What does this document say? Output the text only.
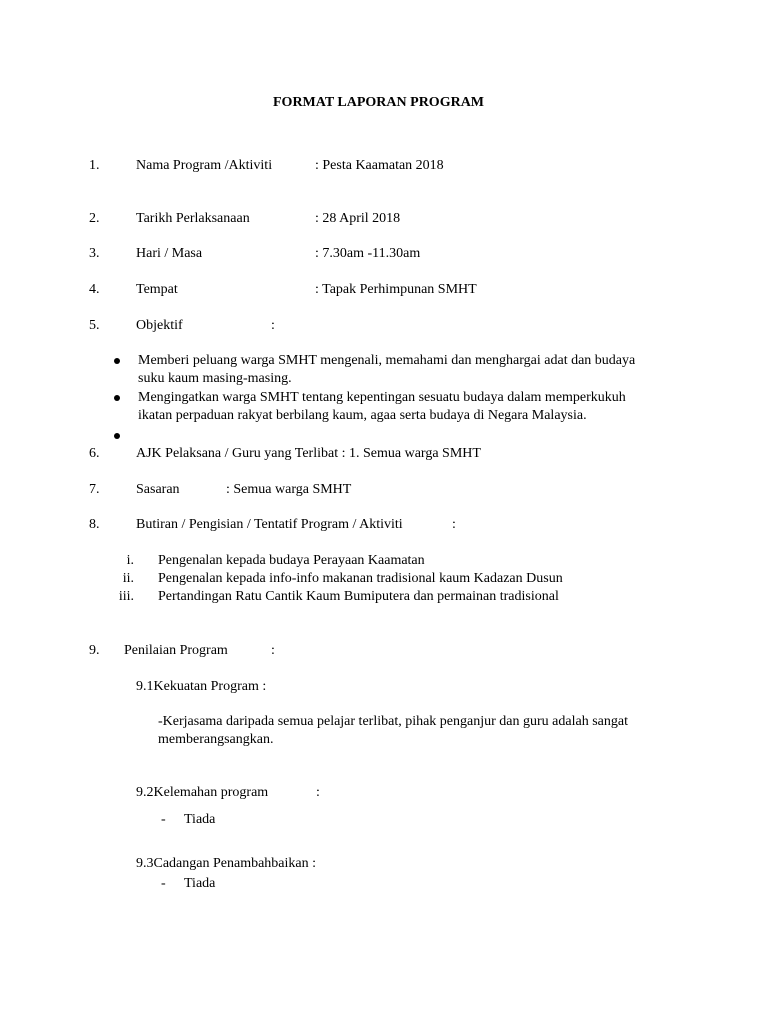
FORMAT LAPORAN PROGRAM
1.	Nama Program /Aktiviti	: Pesta Kaamatan 2018
2.	Tarikh Perlaksanaan	: 28 April 2018
3.	Hari / Masa	: 7.30am -11.30am
4.	Tempat	: Tapak Perhimpunan SMHT
5.	Objektif	:
Memberi peluang warga SMHT mengenali, memahami dan menghargai adat dan budaya
suku kaum masing-masing.
Mengingatkan warga SMHT tentang kepentingan sesuatu budaya dalam memperkukuh
ikatan perpaduan rakyat berbilang kaum, agaa serta budaya di Negara Malaysia.
6.	AJK Pelaksana / Guru yang Terlibat : 1. Semua warga SMHT
7.	Sasaran	: Semua warga SMHT
8.	Butiran / Pengisian / Tentatif Program / Aktiviti	:
i. Pengenalan kepada budaya Perayaan Kaamatan
ii. Pengenalan kepada info-info makanan tradisional kaum Kadazan Dusun
iii. Pertandingan Ratu Cantik Kaum Bumiputera dan permainan tradisional
9. Penilaian Program	:
9.1Kekuatan Program :
-Kerjasama daripada semua pelajar terlibat, pihak penganjur dan guru adalah sangat
memberangsangkan.
9.2Kelemahan program	:
- Tiada
9.3Cadangan Penambahbaikan :
- Tiada
